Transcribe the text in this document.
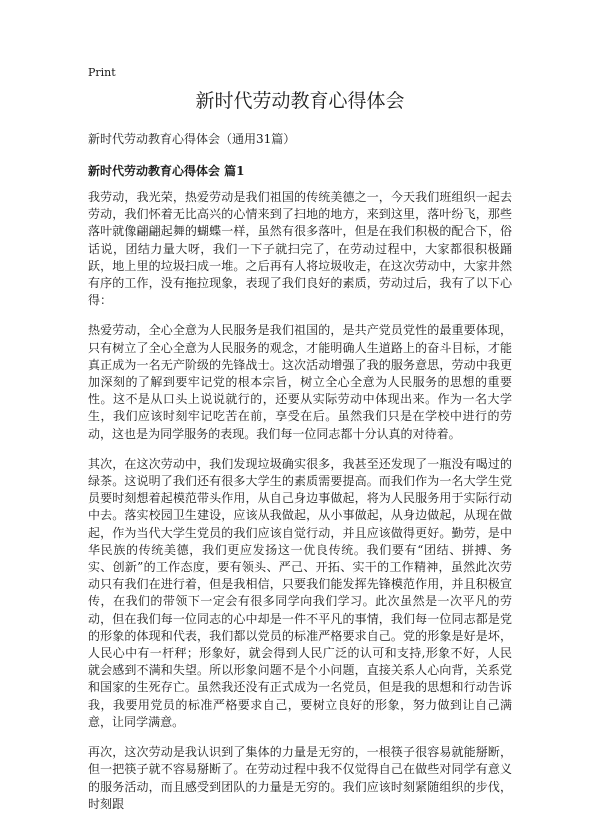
Print
新时代劳动教育心得体会
新时代劳动教育心得体会（通用31篇）
新时代劳动教育心得体会 篇1

我劳动，我光荣，热爱劳动是我们祖国的传统美德之一，今天我们班组织一起去劳动，我们怀着无比高兴的心情来到了扫地的地方，来到这里，落叶纷飞，那些落叶就像翩翩起舞的蝴蝶一样，虽然有很多落叶，但是在我们积极的配合下，俗话说，团结力量大呀，我们一下子就扫完了，在劳动过程中，大家都很积极踊跃，地上里的垃圾扫成一堆。之后再有人将垃圾收走，在这次劳动中，大家井然有序的工作，没有拖拉现象，表现了我们良好的素质，劳动过后，我有了以下心得：

热爱劳动，全心全意为人民服务是我们祖国的，是共产党员党性的最重要体现，只有树立了全心全意为人民服务的观念，才能明确人生道路上的奋斗目标，才能真正成为一名无产阶级的先锋战士。这次活动增强了我的服务意思，劳动中我更加深刻的了解到要牢记党的根本宗旨，树立全心全意为人民服务的思想的重要性。这不是从口头上说说就行的，还要从实际劳动中体现出来。作为一名大学生，我们应该时刻牢记吃苦在前，享受在后。虽然我们只是在学校中进行的劳动，这也是为同学服务的表现。我们每一位同志都十分认真的对待着。

其次，在这次劳动中，我们发现垃圾确实很多，我甚至还发现了一瓶没有喝过的绿茶。这说明了我们还有很多大学生的素质需要提高。而我们作为一名大学生党员要时刻想着起模范带头作用，从自己身边事做起，将为人民服务用于实际行动中去。落实校园卫生建设，应该从我做起，从小事做起，从身边做起，从现在做起，作为当代大学生党员的我们应该自觉行动，并且应该做得更好。勤劳，是中华民族的传统美德，我们更应发扬这一优良传统。我们要有“团结、拼搏、务实、创新”的工作态度，要有领头、严己、开拓、实干的工作精神，虽然此次劳动只有我们在进行着，但是我相信，只要我们能发挥先锋模范作用，并且积极宣传，在我们的带领下一定会有很多同学向我们学习。此次虽然是一次平凡的劳动，但在我们每一位同志的心中却是一件不平凡的事情，我们每一位同志都是党的形象的体现和代表，我们都以党员的标准严格要求自己。党的形象是好是坏，人民心中有一杆秤；形象好，就会得到人民广泛的认可和支持,形象不好，人民就会感到不满和失望。所以形象问题不是个小问题，直接关系人心向背，关系党和国家的生死存亡。虽然我还没有正式成为一名党员，但是我的思想和行动告诉我，我要用党员的标准严格要求自己，要树立良好的形象，努力做到让自己满意，让同学满意。

再次，这次劳动是我认识到了集体的力量是无穷的，一根筷子很容易就能掰断，但一把筷子就不容易掰断了。在劳动过程中我不仅觉得自己在做些对同学有意义的服务活动，而且感受到团队的力量是无穷的。我们应该时刻紧随组织的步伐，时刻跟
